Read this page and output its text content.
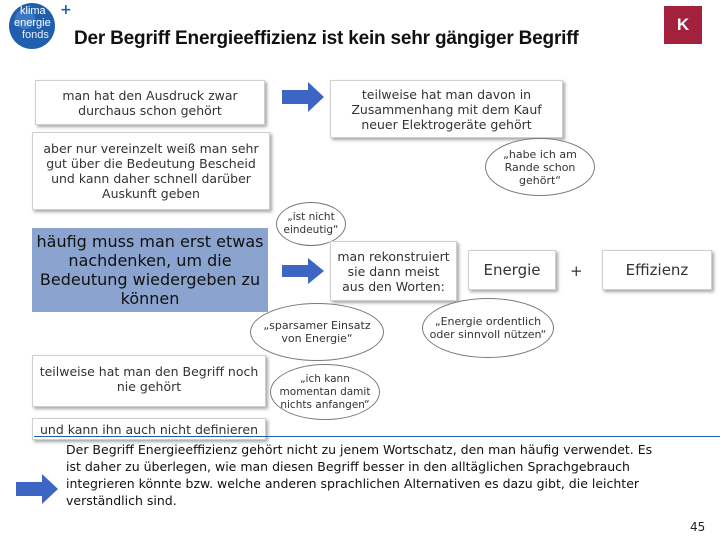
klima
energie
fonds
+
Der Begriff Energieeffizienz ist kein sehr gängiger Begriff
K
man hat den Ausdruck zwar durchaus schon gehört
teilweise hat man davon in Zusammenhang mit dem Kauf neuer Elektrogeräte gehört
aber nur vereinzelt weiß man sehr gut über die Bedeutung Bescheid und kann daher schnell darüber Auskunft geben
„habe ich am Rande schon gehört“
häufig muss man erst etwas nachdenken, um die Bedeutung wiedergeben zu können
„ist nicht eindeutig“
man rekonstruiert sie dann meist aus den Worten:
Energie	+	Effizienz
„sparsamer Einsatz von Energie“
„Energie ordentlich oder sinnvoll nützen“
teilweise hat man den Begriff noch nie gehört
„ich kann momentan damit nichts anfangen“
und kann ihn auch nicht definieren
Der Begriff Energieeffizienz gehört nicht zu jenem Wortschatz, den man häufig verwendet. Es ist daher zu überlegen, wie man diesen Begriff besser in den alltäglichen Sprachgebrauch integrieren könnte bzw. welche anderen sprachlichen Alternativen es dazu gibt, die leichter verständlich sind.
45
